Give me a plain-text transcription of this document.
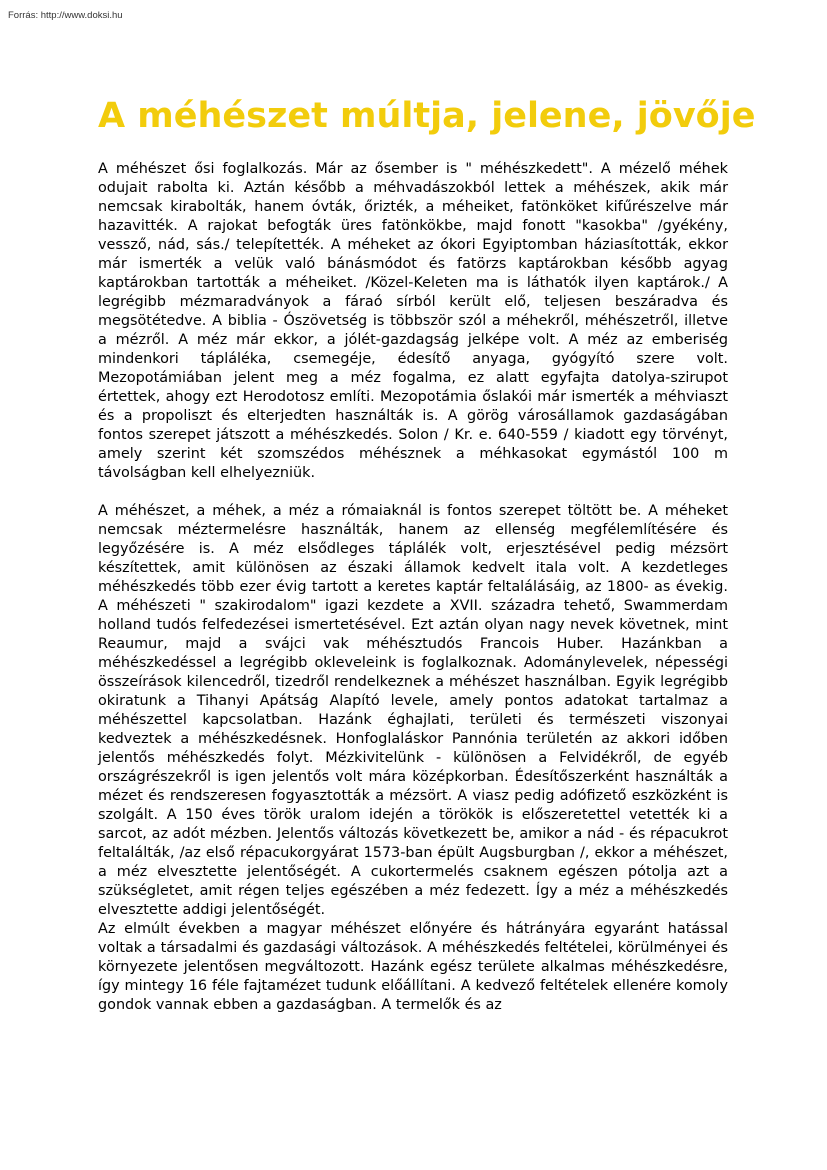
Forrás: http://www.doksi.hu

A méhészet múltja, jelene, jövője

A méhészet ősi foglalkozás. Már az ősember is " méhészkedett". A mézelő méhek odujait rabolta ki. Aztán később a méhvadászokból lettek a méhészek, akik már nemcsak kirabolták, hanem óvták, őrizték, a méheiket, fatönköket kifűrészelve már hazavitték. A rajokat befogták üres fatönkökbe, majd fonott "kasokba" /gyékény, vessző, nád, sás./ telepítették. A méheket az ókori Egyiptomban háziasították, ekkor már ismerték a velük való bánásmódot és fatörzs kaptárokban később agyag kaptárokban tartották a méheiket. /Közel-Keleten ma is láthatók ilyen kaptárok./ A legrégibb mézmaradványok a fáraó sírból került elő, teljesen beszáradva és megsötétedve. A biblia - Ószövetség is többször szól a méhekről, méhészetről, illetve a mézről. A méz már ekkor, a jólét-gazdagság jelképe volt. A méz az emberiség mindenkori tápláléka, csemegéje, édesítő anyaga, gyógyító szere volt. Mezopotámiában jelent meg a méz fogalma, ez alatt egyfajta datolya-szirupot értettek, ahogy ezt Herodotosz említi. Mezopotámia őslakói már ismerték a méhviaszt és a propoliszt és elterjedten használták is. A görög városállamok gazdaságában fontos szerepet játszott a méhészkedés. Solon / Kr. e. 640-559 / kiadott egy törvényt, amely szerint két szomszédos méhésznek a méhkasokat egymástól 100 m távolságban kell elhelyezniük.

A méhészet, a méhek, a méz a rómaiaknál is fontos szerepet töltött be. A méheket nemcsak méztermelésre használták, hanem az ellenség megfélemlítésére és legyőzésére is. A méz elsődleges táplálék volt, erjesztésével pedig mézsört készítettek, amit különösen az északi államok kedvelt itala volt. A kezdetleges méhészkedés több ezer évig tartott a keretes kaptár feltalálásáig, az 1800- as évekig. A méhészeti " szakirodalom" igazi kezdete a XVII. századra tehető, Swammerdam holland tudós felfedezései ismertetésével. Ezt aztán olyan nagy nevek követnek, mint Reaumur, majd a svájci vak méhésztudós Francois Huber. Hazánkban a méhészkedéssel a legrégibb okleveleink is foglalkoznak. Adománylevelek, népességi összeírások kilencedről, tizedről rendelkeznek a méhészet használban. Egyik legrégibb okiratunk a Tihanyi Apátság Alapító levele, amely pontos adatokat tartalmaz a méhészettel kapcsolatban. Hazánk éghajlati, területi és természeti viszonyai kedveztek a méhészkedésnek. Honfoglaláskor Pannónia területén az akkori időben jelentős méhészkedés folyt. Mézkivitelünk - különösen a Felvidékről, de egyéb országrészekről is igen jelentős volt mára középkorban. Édesítőszerként használták a mézet és rendszeresen fogyasztották a mézsört. A viasz pedig adófizető eszközként is szolgált. A 150 éves török uralom idején a törökök is előszeretettel vetették ki a sarcot, az adót mézben. Jelentős változás következett be, amikor a nád - és répacukrot feltalálták, /az első répacukorgyárat 1573-ban épült Augsburgban /, ekkor a méhészet, a méz elvesztette jelentőségét. A cukortermelés csaknem egészen pótolja azt a szükségletet, amit régen teljes egészében a méz fedezett. Így a méz a méhészkedés elvesztette addigi jelentőségét.

Az elmúlt években a magyar méhészet előnyére és hátrányára egyaránt hatással voltak a társadalmi és gazdasági változások. A méhészkedés feltételei, körülményei és környezete jelentősen megváltozott. Hazánk egész területe alkalmas méhészkedésre, így mintegy 16 féle fajtamézet tudunk előállítani. A kedvező feltételek ellenére komoly gondok vannak ebben a gazdaságban. A termelők és az
